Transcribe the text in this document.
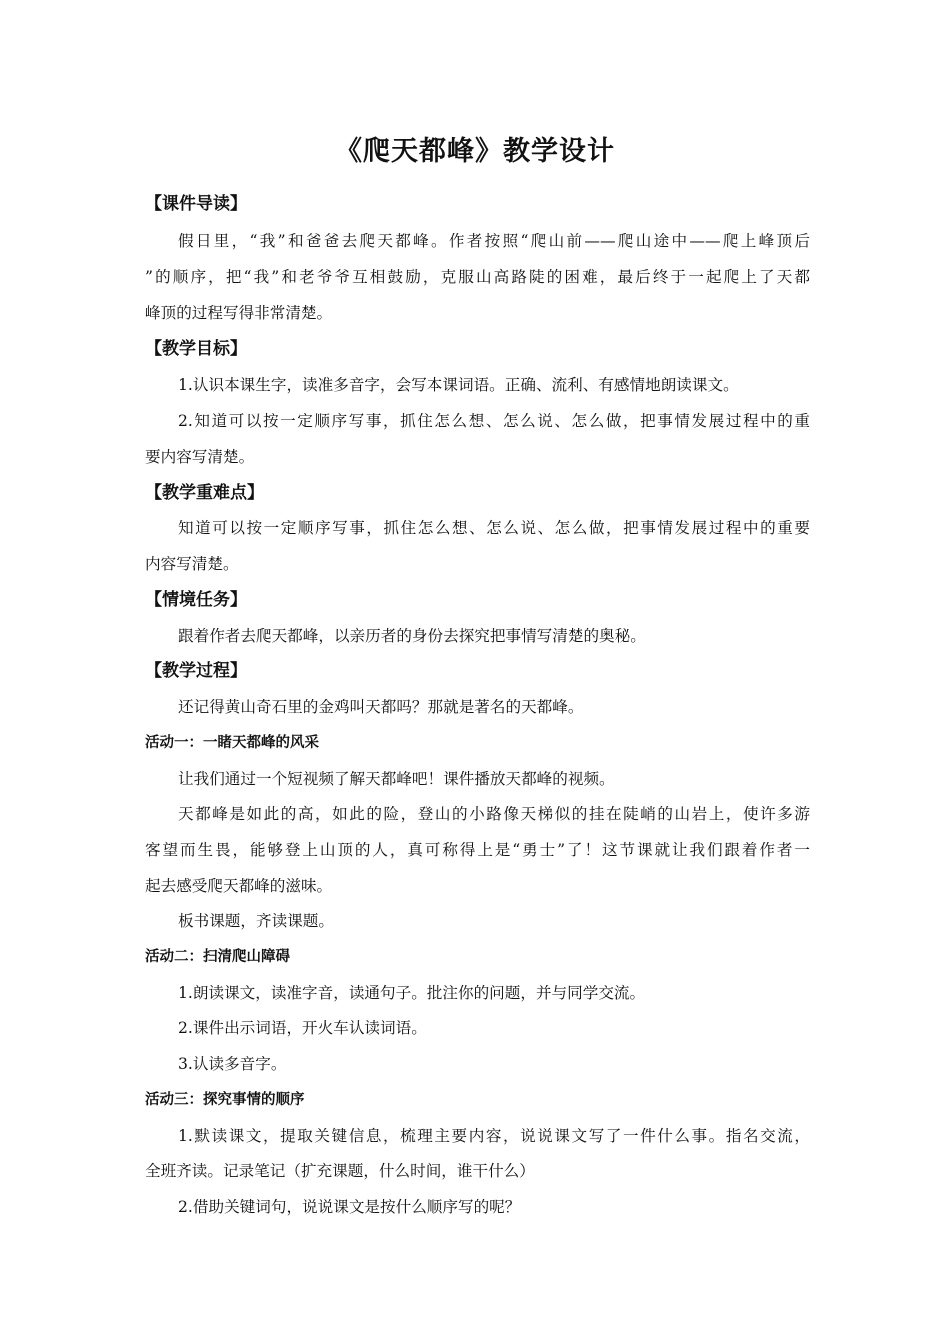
《爬天都峰》教学设计
【课件导读】
假日里，“我”和爸爸去爬天都峰。作者按照“爬山前——爬山途中——爬上峰顶后
”的顺序，把“我”和老爷爷互相鼓励，克服山高路陡的困难，最后终于一起爬上了天都
峰顶的过程写得非常清楚。
【教学目标】
1.认识本课生字，读准多音字，会写本课词语。正确、流利、有感情地朗读课文。
2.知道可以按一定顺序写事，抓住怎么想、怎么说、怎么做，把事情发展过程中的重
要内容写清楚。
【教学重难点】
知道可以按一定顺序写事，抓住怎么想、怎么说、怎么做，把事情发展过程中的重要
内容写清楚。
【情境任务】
跟着作者去爬天都峰，以亲历者的身份去探究把事情写清楚的奥秘。
【教学过程】
还记得黄山奇石里的金鸡叫天都吗？那就是著名的天都峰。
活动一：一睹天都峰的风采
让我们通过一个短视频了解天都峰吧！课件播放天都峰的视频。
天都峰是如此的高，如此的险，登山的小路像天梯似的挂在陡峭的山岩上，使许多游
客望而生畏，能够登上山顶的人，真可称得上是“勇士”了！这节课就让我们跟着作者一
起去感受爬天都峰的滋味。
板书课题，齐读课题。
活动二：扫清爬山障碍
1.朗读课文，读准字音，读通句子。批注你的问题，并与同学交流。
2.课件出示词语，开火车认读词语。
3.认读多音字。
活动三：探究事情的顺序
1.默读课文，提取关键信息，梳理主要内容，说说课文写了一件什么事。指名交流，
全班齐读。记录笔记（扩充课题，什么时间，谁干什么）
2.借助关键词句，说说课文是按什么顺序写的呢？
